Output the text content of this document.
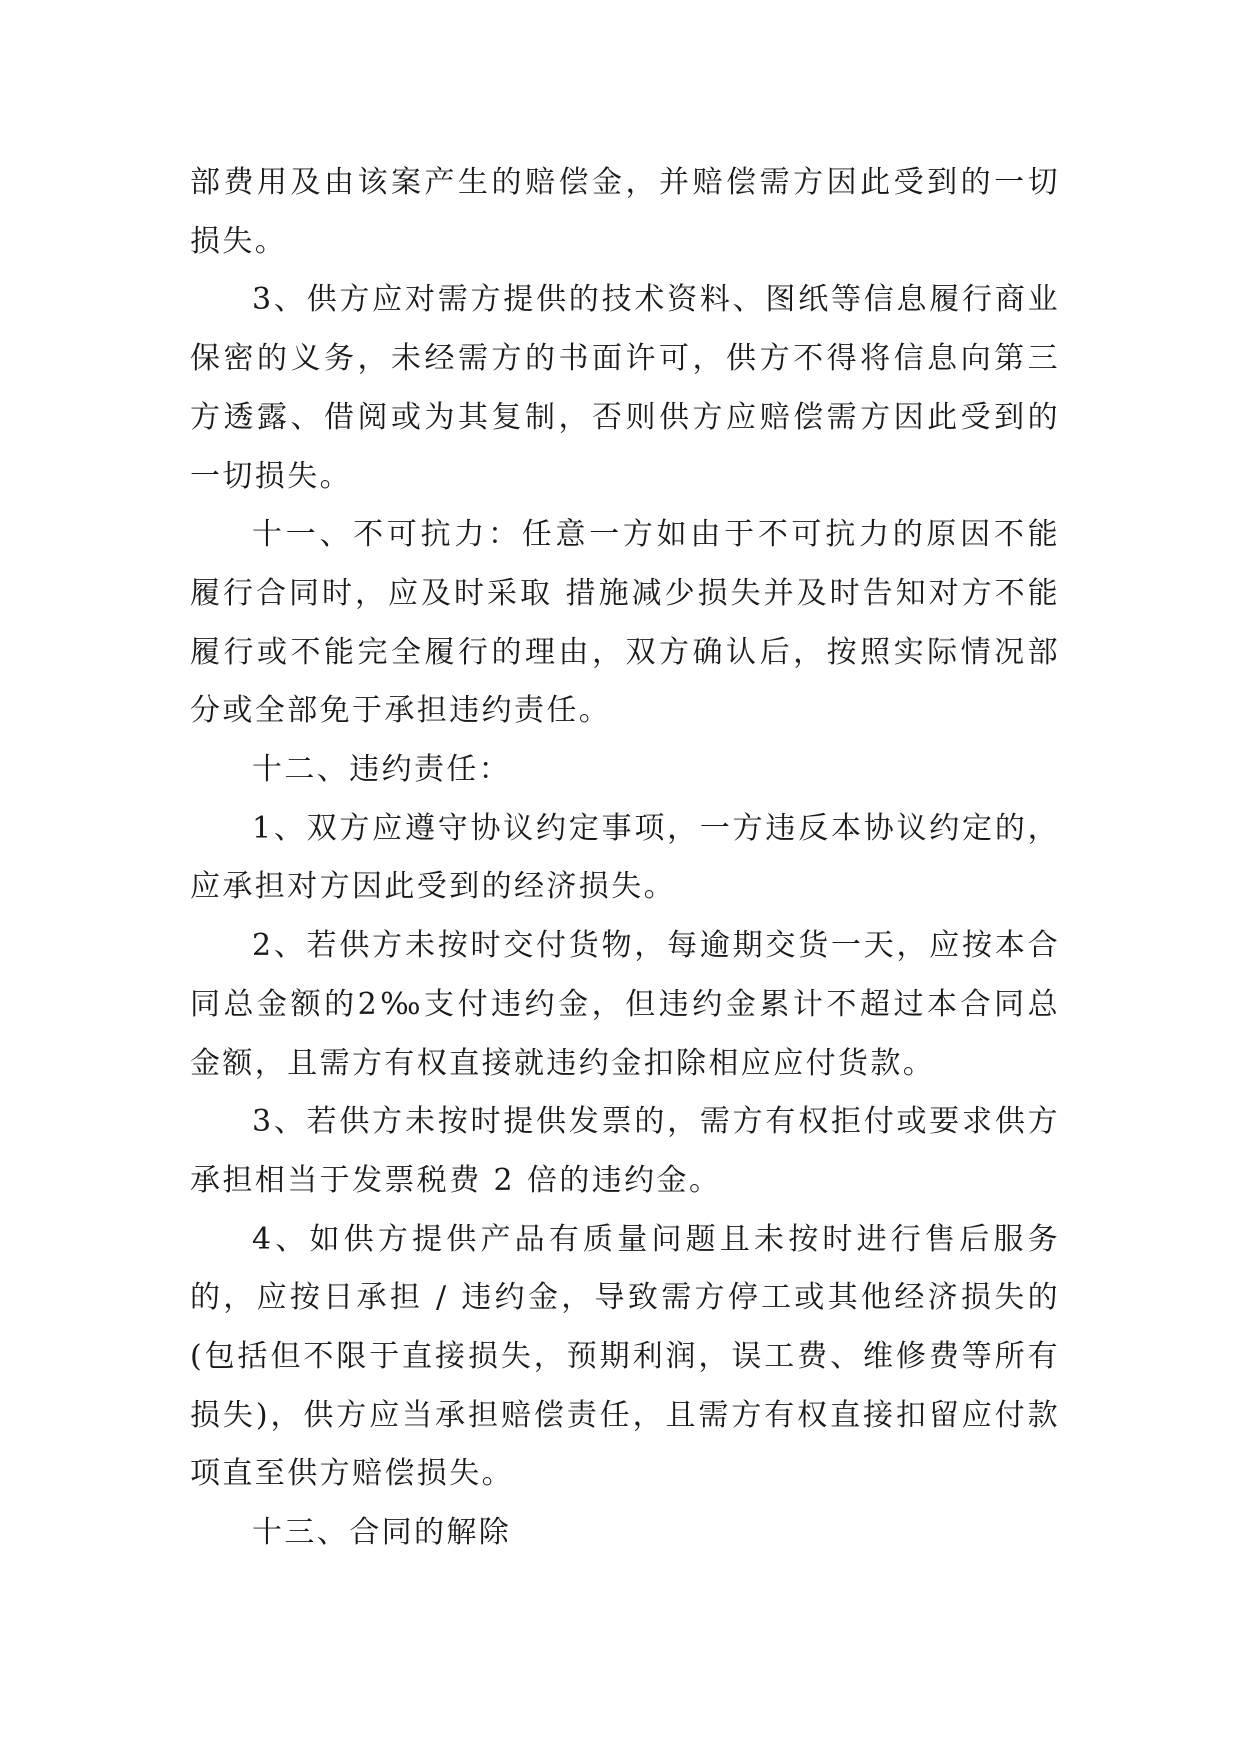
部费用及由该案产生的赔偿金，并赔偿需方因此受到的一切损失。

3、供方应对需方提供的技术资料、图纸等信息履行商业保密的义务，未经需方的书面许可，供方不得将信息向第三方透露、借阅或为其复制，否则供方应赔偿需方因此受到的一切损失。

十一、不可抗力：任意一方如由于不可抗力的原因不能履行合同时，应及时采取 措施减少损失并及时告知对方不能履行或不能完全履行的理由，双方确认后，按照实际情况部分或全部免于承担违约责任。

十二、违约责任：

1、双方应遵守协议约定事项，一方违反本协议约定的，应承担对方因此受到的经济损失。

2、若供方未按时交付货物，每逾期交货一天，应按本合同总金额的2‰支付违约金，但违约金累计不超过本合同总金额，且需方有权直接就违约金扣除相应应付货款。

3、若供方未按时提供发票的，需方有权拒付或要求供方承担相当于发票税费 2 倍的违约金。

4、如供方提供产品有质量问题且未按时进行售后服务的，应按日承担 / 违约金，导致需方停工或其他经济损失的(包括但不限于直接损失，预期利润，误工费、维修费等所有损失)，供方应当承担赔偿责任，且需方有权直接扣留应付款项直至供方赔偿损失。

十三、合同的解除
